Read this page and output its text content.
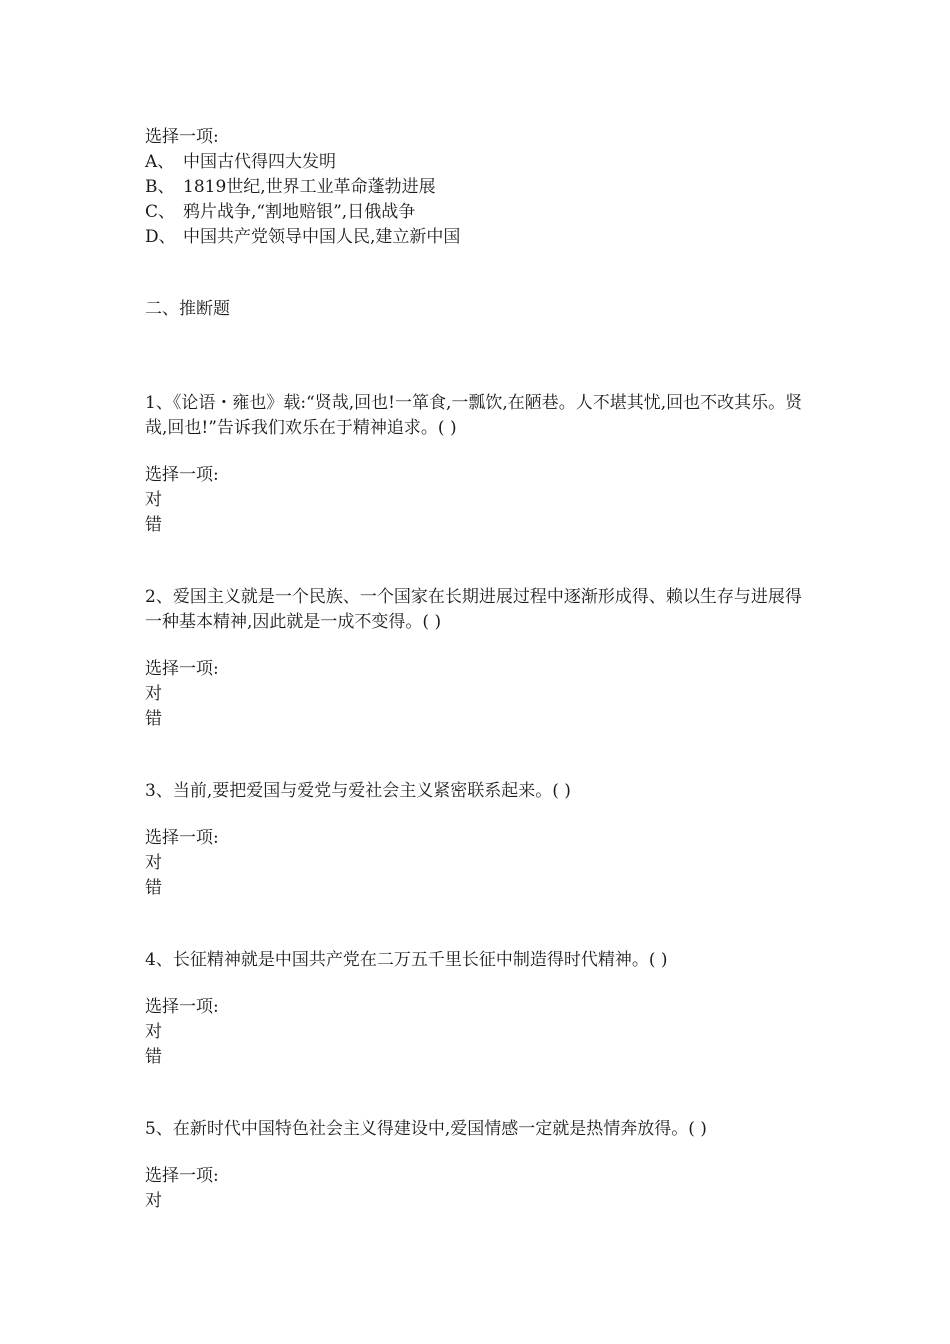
选择一项:
A、 中国古代得四大发明
B、 1819世纪,世界工业革命蓬勃进展
C、 鸦片战争,“割地赔银”,日俄战争
D、 中国共产党领导中国人民,建立新中国
二、推断题
1、《论语・雍也》载:“贤哉,回也!一箪食,一瓢饮,在陋巷。人不堪其忧,回也不改其乐。贤哉,回也!”告诉我们欢乐在于精神追求。( )
选择一项:
对
错
2、爱国主义就是一个民族、一个国家在长期进展过程中逐渐形成得、赖以生存与进展得一种基本精神,因此就是一成不变得。( )
选择一项:
对
错
3、当前,要把爱国与爱党与爱社会主义紧密联系起来。( )
选择一项:
对
错
4、长征精神就是中国共产党在二万五千里长征中制造得时代精神。( )
选择一项:
对
错
5、在新时代中国特色社会主义得建设中,爱国情感一定就是热情奔放得。( )
选择一项:
对
